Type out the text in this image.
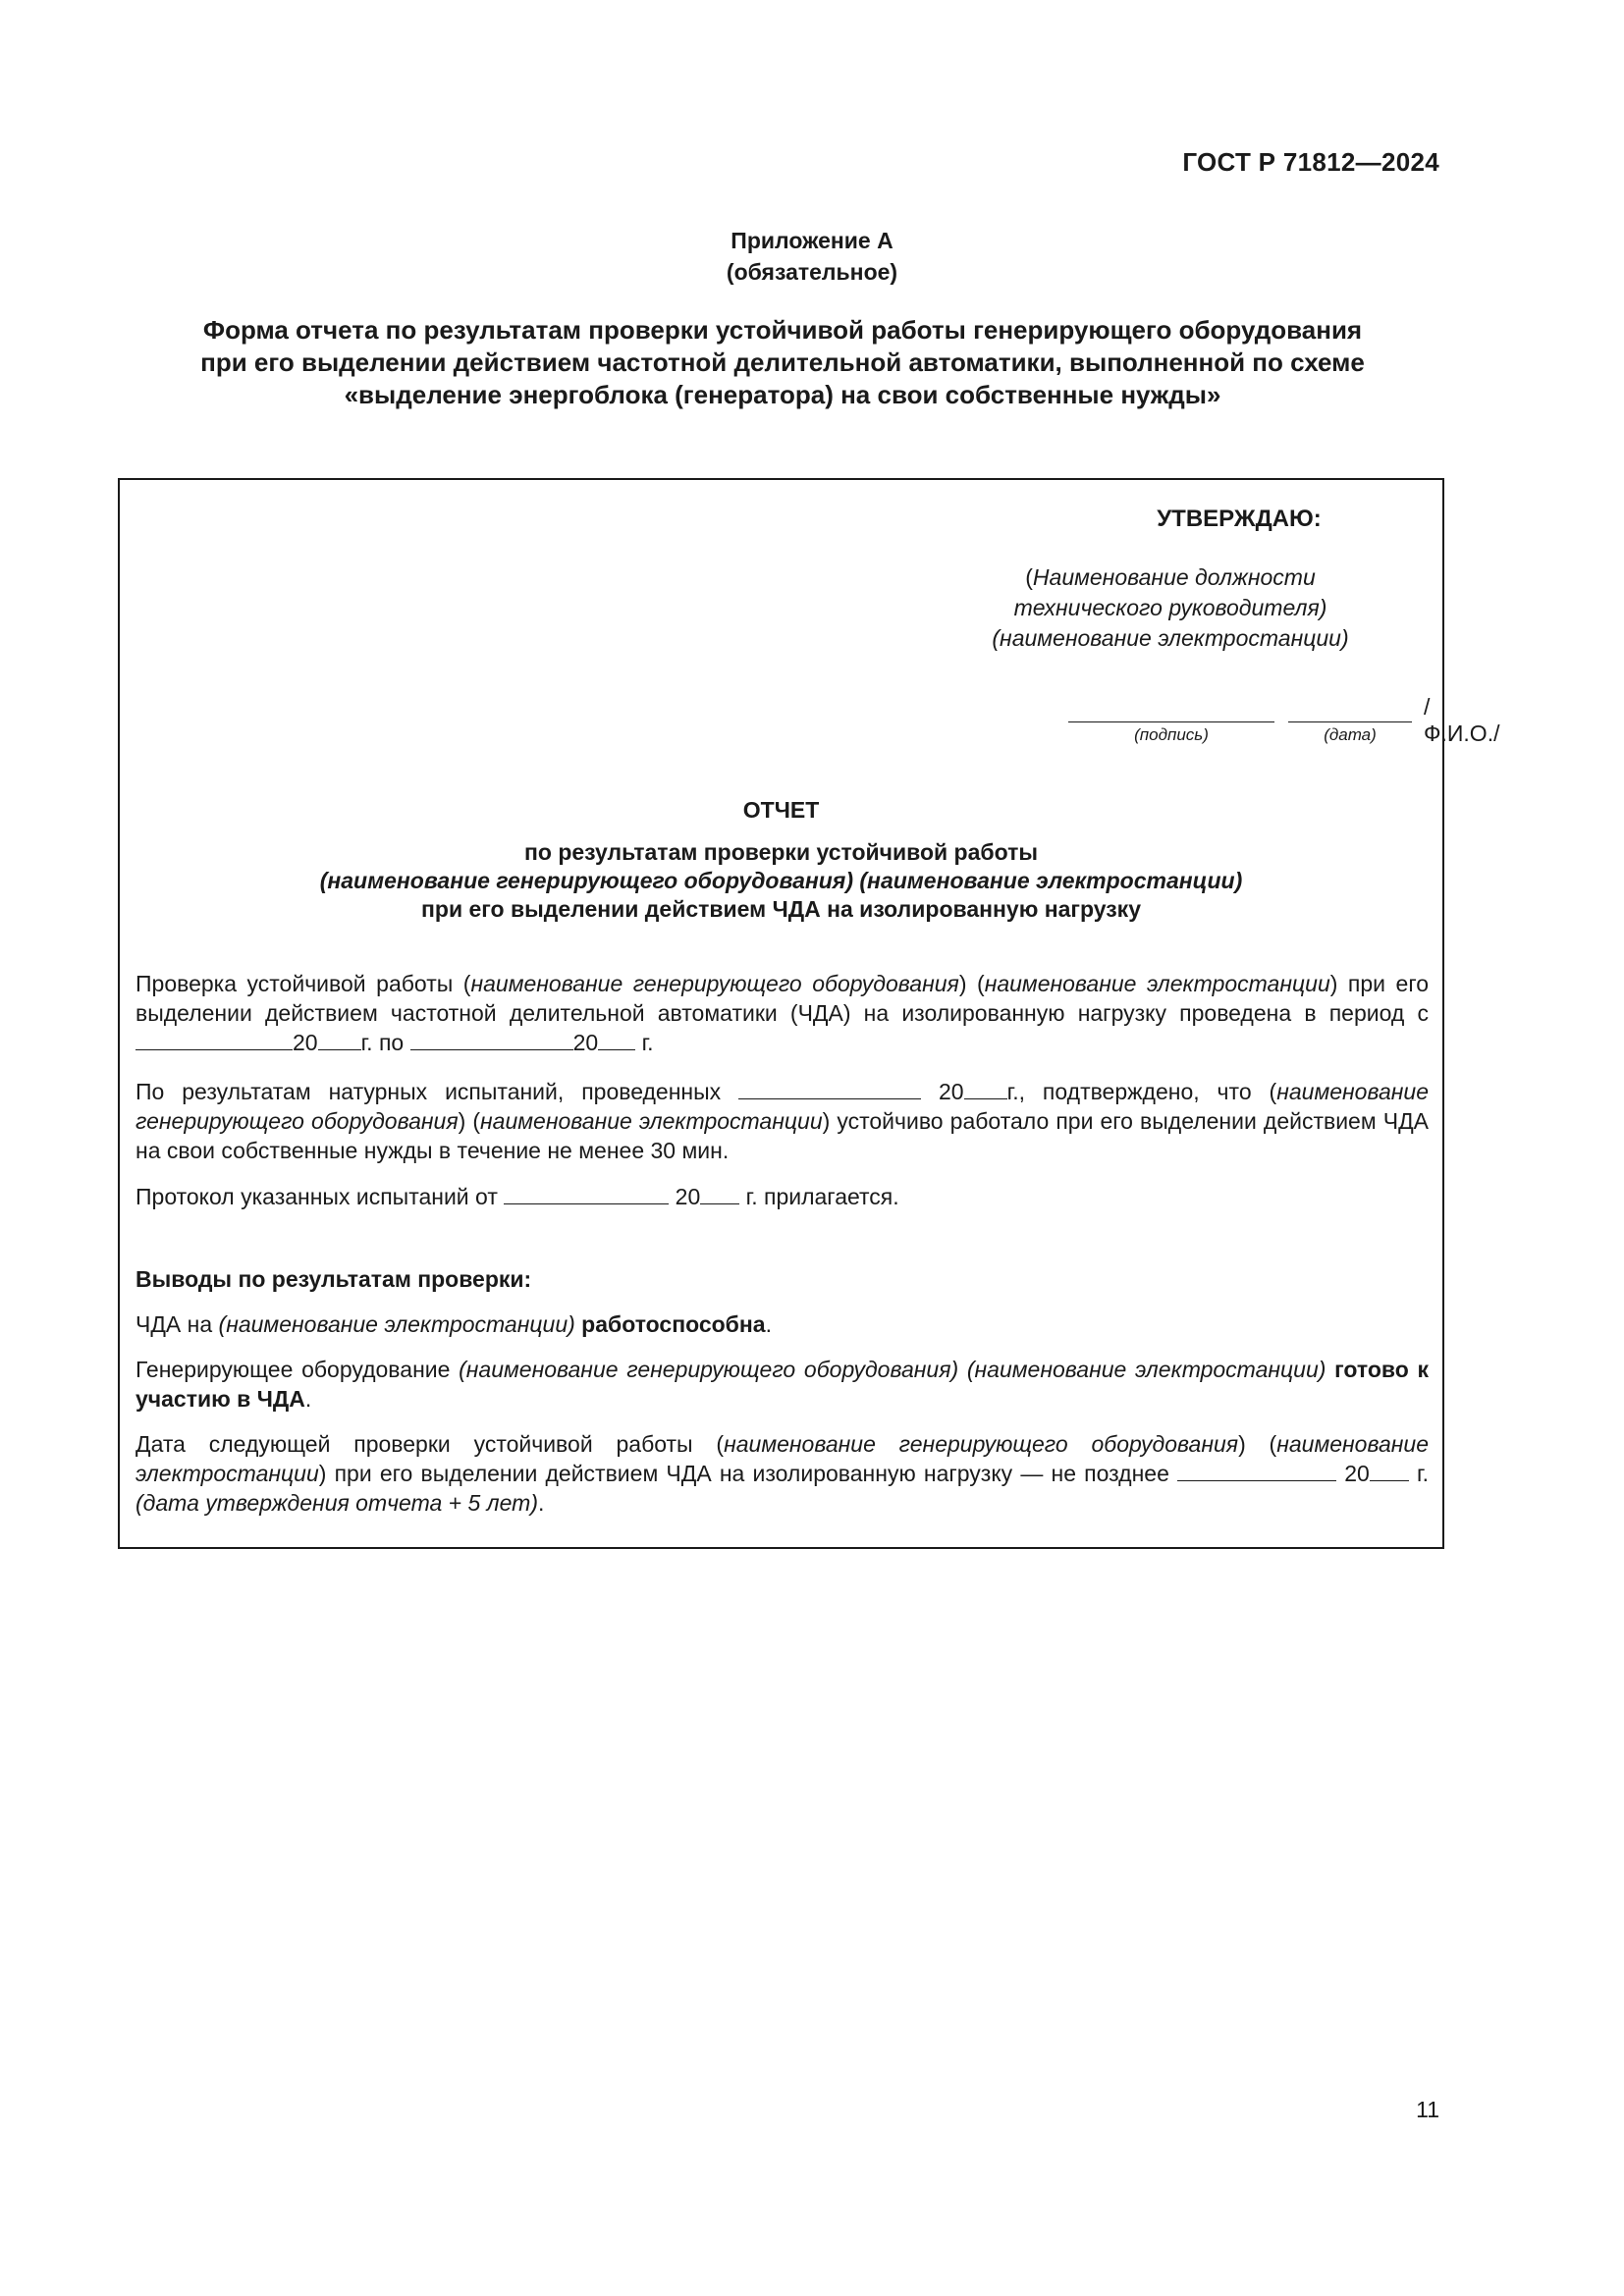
ГОСТ Р 71812—2024
Приложение А
(обязательное)
Форма отчета по результатам проверки устойчивой работы генерирующего оборудования
при его выделении действием частотной делительной автоматики, выполненной по схеме
«выделение энергоблока (генератора) на свои собственные нужды»
УТВЕРЖДАЮ:
(Наименование должности
технического руководителя)
(наименование электростанции)
/Ф.И.О./
(подпись)	(дата)
ОТЧЕТ
по результатам проверки устойчивой работы
(наименование генерирующего оборудования) (наименование электростанции)
при его выделении действием ЧДА на изолированную нагрузку
Проверка устойчивой работы (наименование генерирующего оборудования) (наименование электростанции) при его выделении действием частотной делительной автоматики (ЧДА) на изолированную нагрузку проведена в период с 20 г. по	20 г.
По результатам натурных испытаний, проведенных	20 г., подтверждено, что (наименование генерирующего оборудования) (наименование электростанции) устойчиво работало при его выделении действием ЧДА на свои собственные нужды в течение не менее 30 мин.
Протокол указанных испытаний от	20 г. прилагается.
Выводы по результатам проверки:
ЧДА на (наименование электростанции) работоспособна.
Генерирующее оборудование (наименование генерирующего оборудования) (наименование электростанции) готово к участию в ЧДА.
Дата следующей проверки устойчивой работы (наименование генерирующего оборудования) (наименование электростанции) при его выделении действием ЧДА на изолированную нагрузку — не позднее	20 г.(дата утверждения отчета + 5 лет).
11
